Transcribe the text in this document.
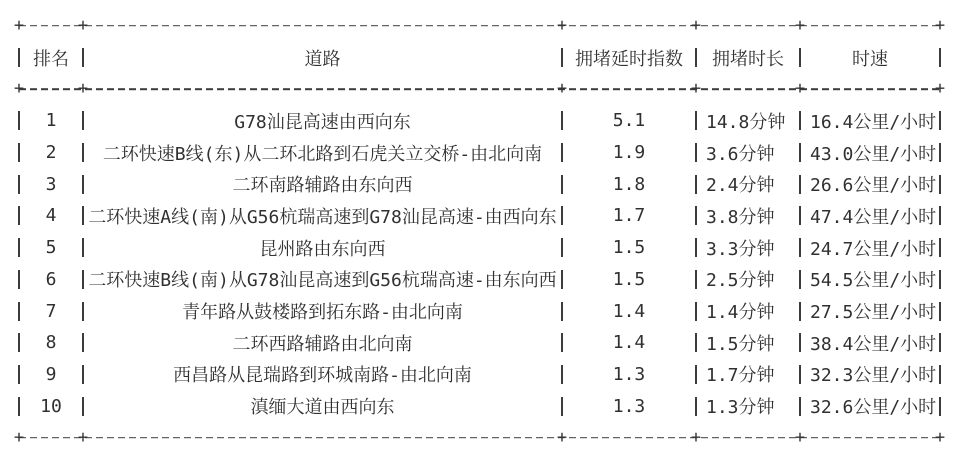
+
+
+
+
+
+
排名	道路	拥堵延时指数	拥堵时长	时速
+
+
+
+
+
+
1	G78汕昆高速由西向东	5.1	14.8分钟	16.4公里/小时
2	二环快速B线(东)从二环北路到石虎关立交桥-由北向南	1.9	3.6分钟	43.0公里/小时
3	二环南路辅路由东向西	1.8	2.4分钟	26.6公里/小时
4	二环快速A线(南)从G56杭瑞高速到G78汕昆高速-由西向东	1.7	3.8分钟	47.4公里/小时
5	昆州路由东向西	1.5	3.3分钟	24.7公里/小时
6	二环快速B线(南)从G78汕昆高速到G56杭瑞高速-由东向西	1.5	2.5分钟	54.5公里/小时
7	青年路从鼓楼路到拓东路-由北向南	1.4	1.4分钟	27.5公里/小时
8	二环西路辅路由北向南	1.4	1.5分钟	38.4公里/小时
9	西昌路从昆瑞路到环城南路-由北向南	1.3	1.7分钟	32.3公里/小时
10	滇缅大道由西向东	1.3	1.3分钟	32.6公里/小时
+
+
+
+
+
+
